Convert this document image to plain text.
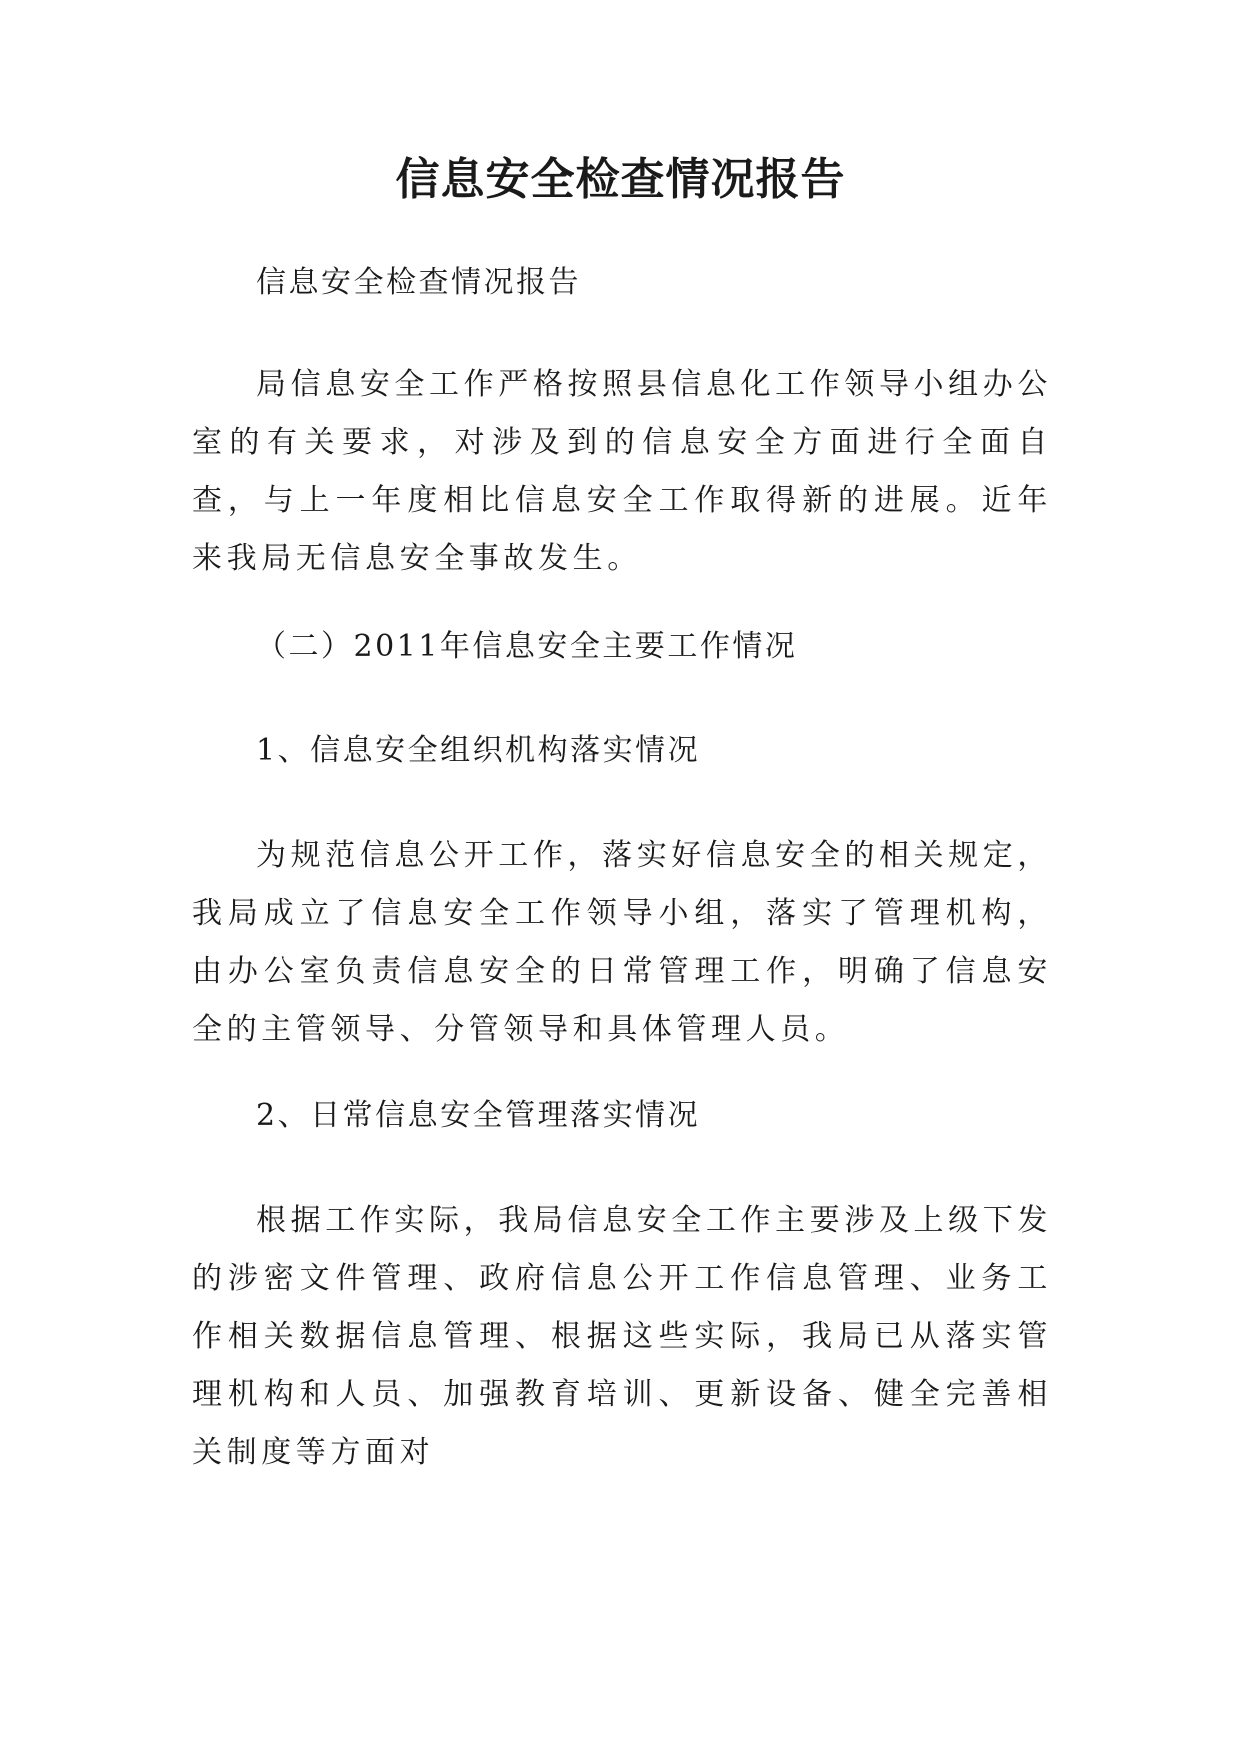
信息安全检查情况报告

信息安全检查情况报告

局信息安全工作严格按照县信息化工作领导小组办公室的有关要求，对涉及到的信息安全方面进行全面自查，与上一年度相比信息安全工作取得新的进展。近年来我局无信息安全事故发生。

（二）2011年信息安全主要工作情况

1、信息安全组织机构落实情况

为规范信息公开工作，落实好信息安全的相关规定，我局成立了信息安全工作领导小组，落实了管理机构，由办公室负责信息安全的日常管理工作，明确了信息安全的主管领导、分管领导和具体管理人员。

2、日常信息安全管理落实情况

根据工作实际，我局信息安全工作主要涉及上级下发的涉密文件管理、政府信息公开工作信息管理、业务工作相关数据信息管理、根据这些实际，我局已从落实管理机构和人员、加强教育培训、更新设备、健全完善相关制度等方面对
